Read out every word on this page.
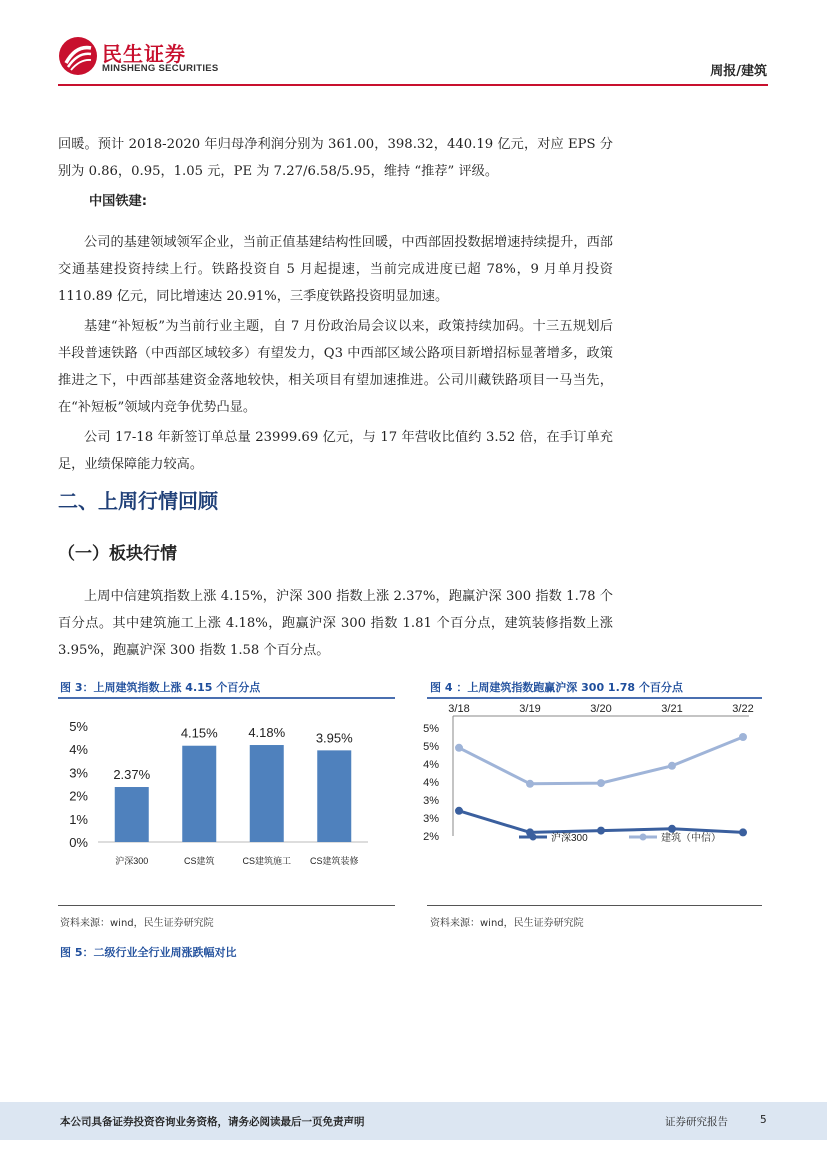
民生证券
MINSHENG SECURITIES	周报/建筑
回暖。预计 2018-2020 年归母净利润分别为 361.00，398.32，440.19 亿元，对应 EPS 分别为 0.86，0.95，1.05 元，PE 为 7.27/6.58/5.95，维持 “推荐” 评级。
中国铁建:
公司的基建领域领军企业，当前正值基建结构性回暖，中西部固投数据增速持续提升，西部交通基建投资持续上行。铁路投资自 5 月起提速，当前完成进度已超 78%，9 月单月投资 1110.89 亿元，同比增速达 20.91%，三季度铁路投资明显加速。
基建“补短板”为当前行业主题，自 7 月份政治局会议以来，政策持续加码。十三五规划后半段普速铁路（中西部区域较多）有望发力，Q3 中西部区域公路项目新增招标显著增多，政策推进之下，中西部基建资金落地较快，相关项目有望加速推进。公司川藏铁路项目一马当先，在“补短板”领域内竞争优势凸显。
公司 17-18 年新签订单总量 23999.69 亿元，与 17 年营收比值约 3.52 倍，在手订单充足，业绩保障能力较高。
二、上周行情回顾
（一）板块行情
上周中信建筑指数上涨 4.15%，沪深 300 指数上涨 2.37%，跑赢沪深 300 指数 1.78 个百分点。其中建筑施工上涨 4.18%，跑赢沪深 300 指数 1.81 个百分点，建筑装修指数上涨 3.95%，跑赢沪深 300 指数 1.58 个百分点。
图 3：上周建筑指数上涨 4.15 个百分点
0%
1%
2%
3%
4%
5%
2.37%
沪深300
4.15%
CS建筑
4.18%
CS建筑施工
3.95%
CS建筑装修
资料来源：wind，民生证券研究院
图 4 ：上周建筑指数跑赢沪深 300 1.78 个百分点
2%
3%
3%
4%
4%
5%
5%
3/18	3/19	3/20	3/21	3/22
沪深300	建筑（中信）
资料来源：wind，民生证券研究院
图 5：二级行业全行业周涨跌幅对比
本公司具备证券投资咨询业务资格，请务必阅读最后一页免责声明	证券研究报告	5
